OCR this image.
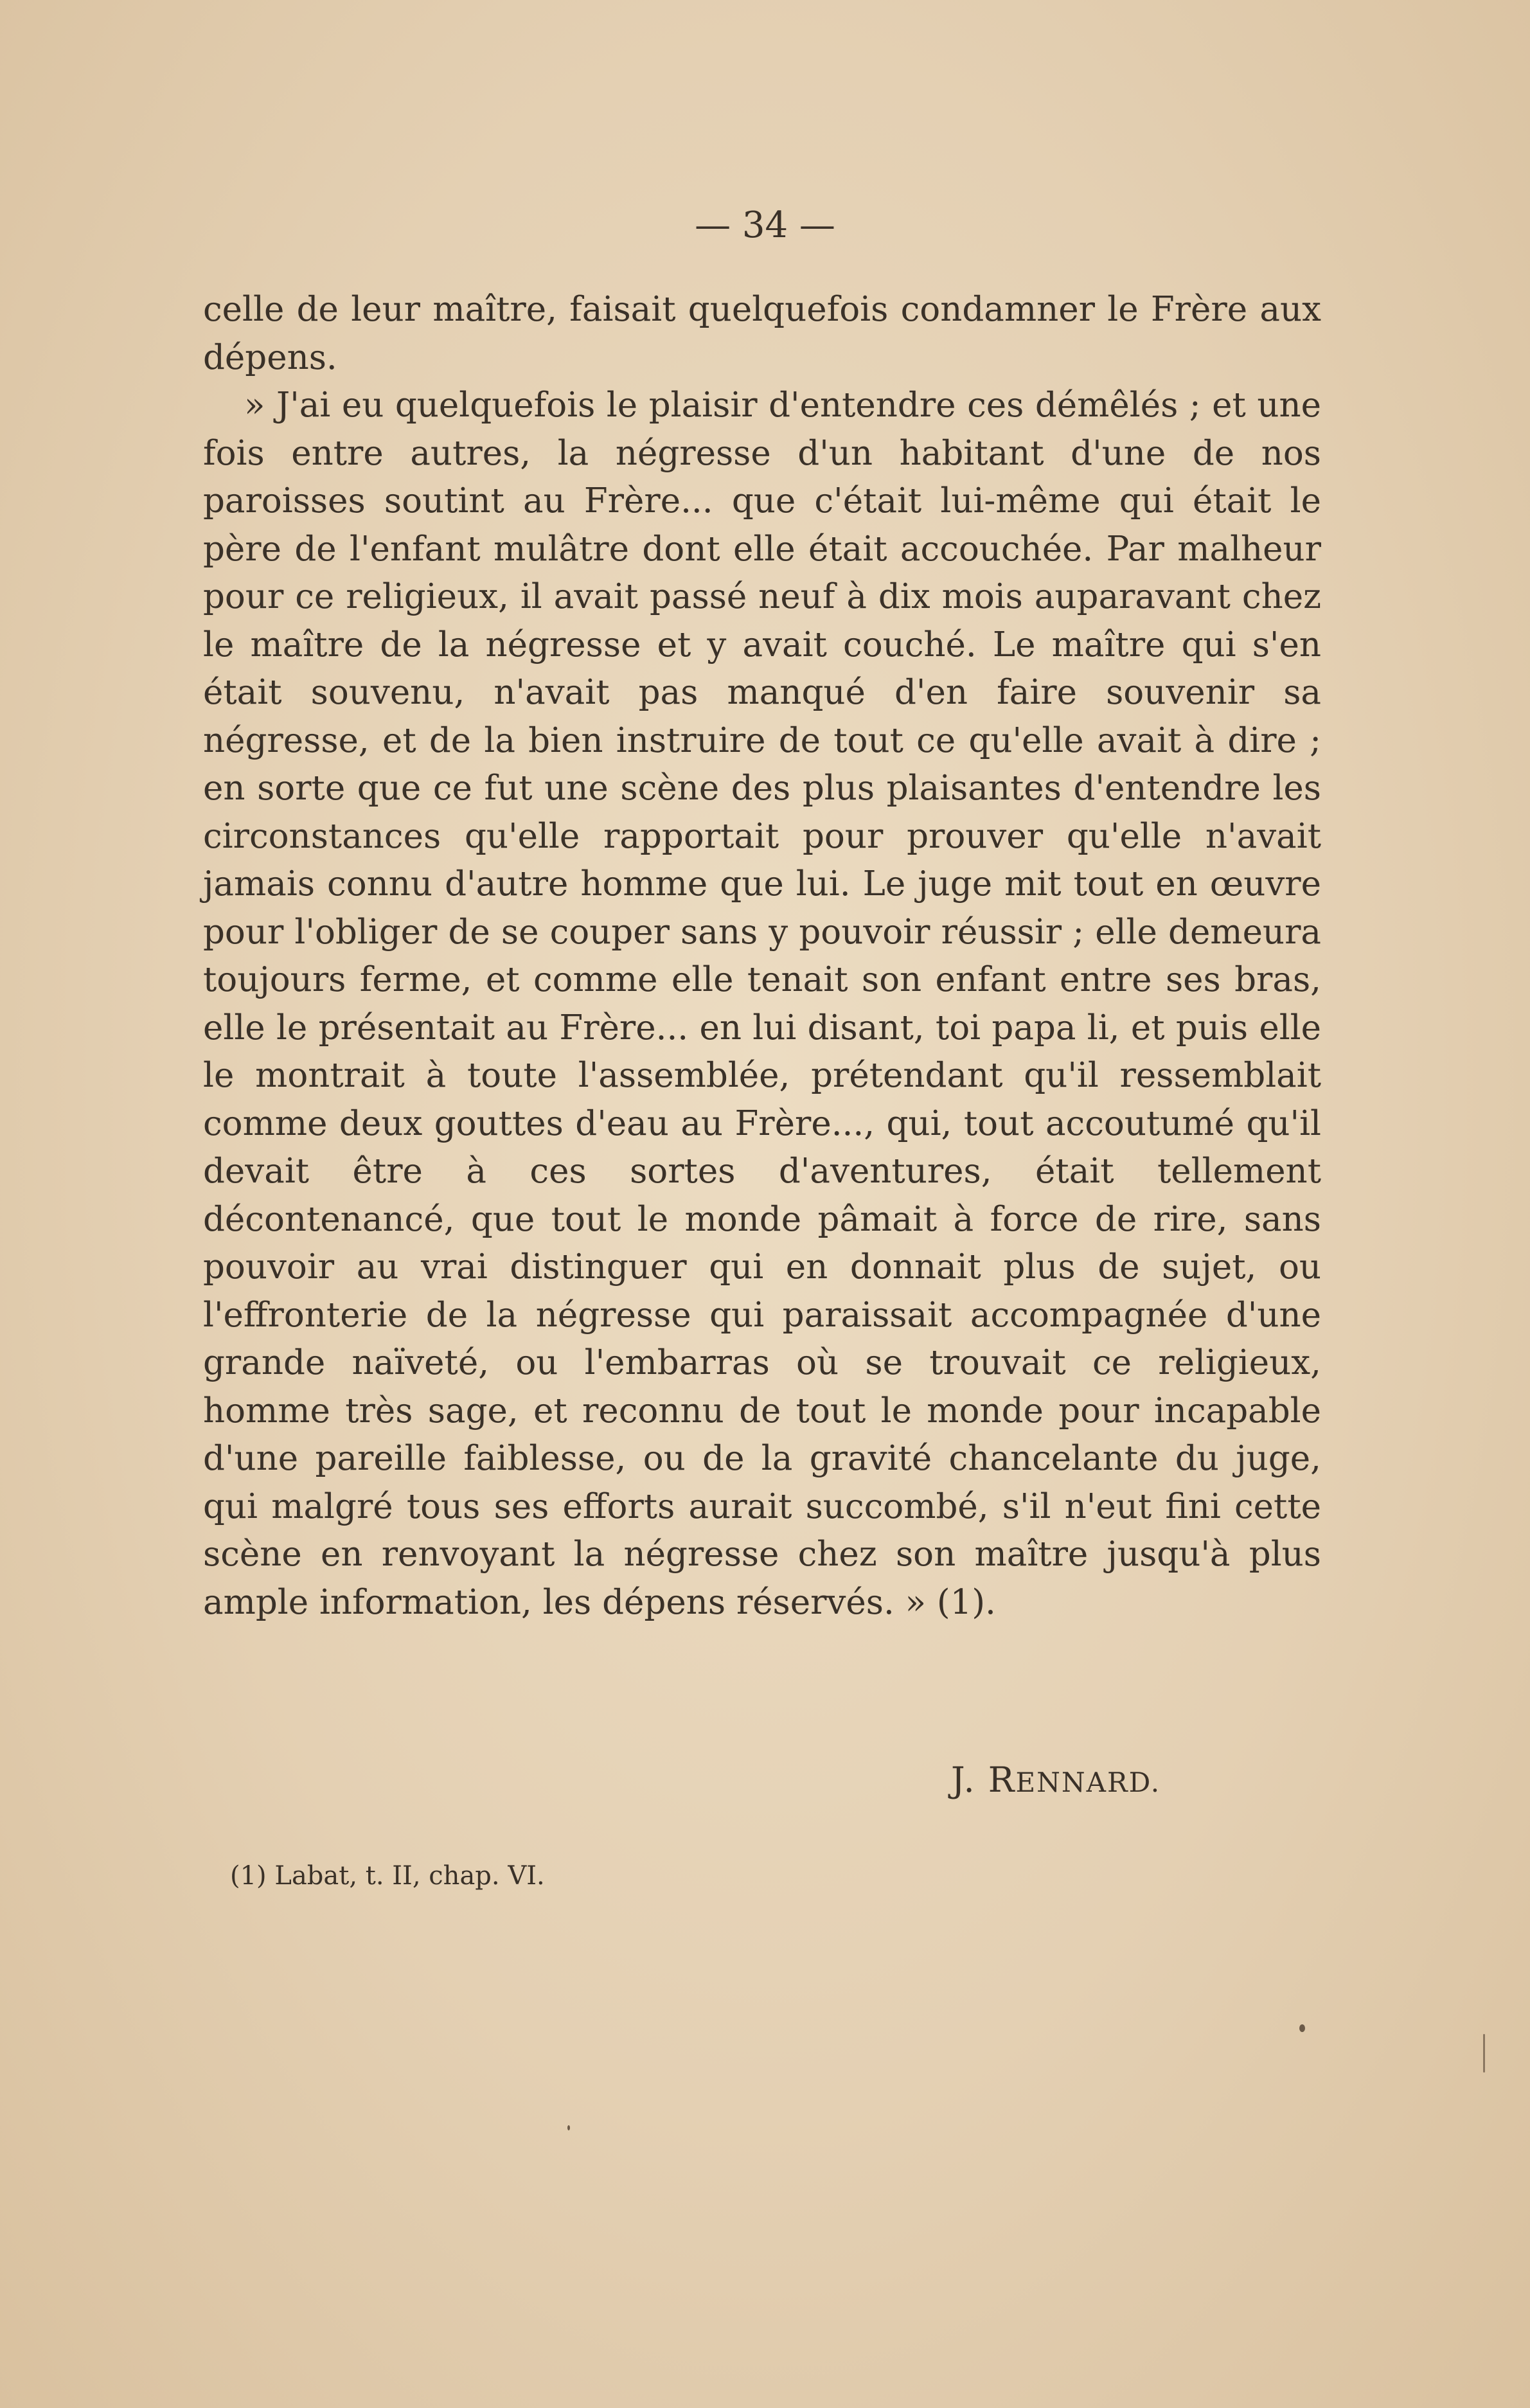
— 34 —

celle de leur maître, faisait quelquefois condamner le Frère aux dépens.

» J'ai eu quelquefois le plaisir d'entendre ces démêlés ; et une fois entre autres, la négresse d'un habitant d'une de nos paroisses soutint au Frère... que c'était lui-même qui était le père de l'enfant mulâtre dont elle était accouchée. Par malheur pour ce religieux, il avait passé neuf à dix mois auparavant chez le maître de la négresse et y avait couché. Le maître qui s'en était souvenu, n'avait pas manqué d'en faire souvenir sa négresse, et de la bien instruire de tout ce qu'elle avait à dire ; en sorte que ce fut une scène des plus plaisantes d'entendre les circonstances qu'elle rapportait pour prouver qu'elle n'avait jamais connu d'autre homme que lui. Le juge mit tout en œuvre pour l'obliger de se couper sans y pouvoir réussir ; elle demeura toujours ferme, et comme elle tenait son enfant entre ses bras, elle le présentait au Frère... en lui disant, toi papa li, et puis elle le montrait à toute l'assemblée, prétendant qu'il ressemblait comme deux gouttes d'eau au Frère..., qui, tout accoutumé qu'il devait être à ces sortes d'aventures, était tellement décontenancé, que tout le monde pâmait à force de rire, sans pouvoir au vrai distinguer qui en donnait plus de sujet, ou l'effronterie de la négresse qui paraissait accompagnée d'une grande naïveté, ou l'embarras où se trouvait ce religieux, homme très sage, et reconnu de tout le monde pour incapable d'une pareille faiblesse, ou de la gravité chancelante du juge, qui malgré tous ses efforts aurait succombé, s'il n'eut fini cette scène en renvoyant la négresse chez son maître jusqu'à plus ample information, les dépens réservés. » (1).

J. RENNARD.
(1) Labat, t. II, chap. VI.
